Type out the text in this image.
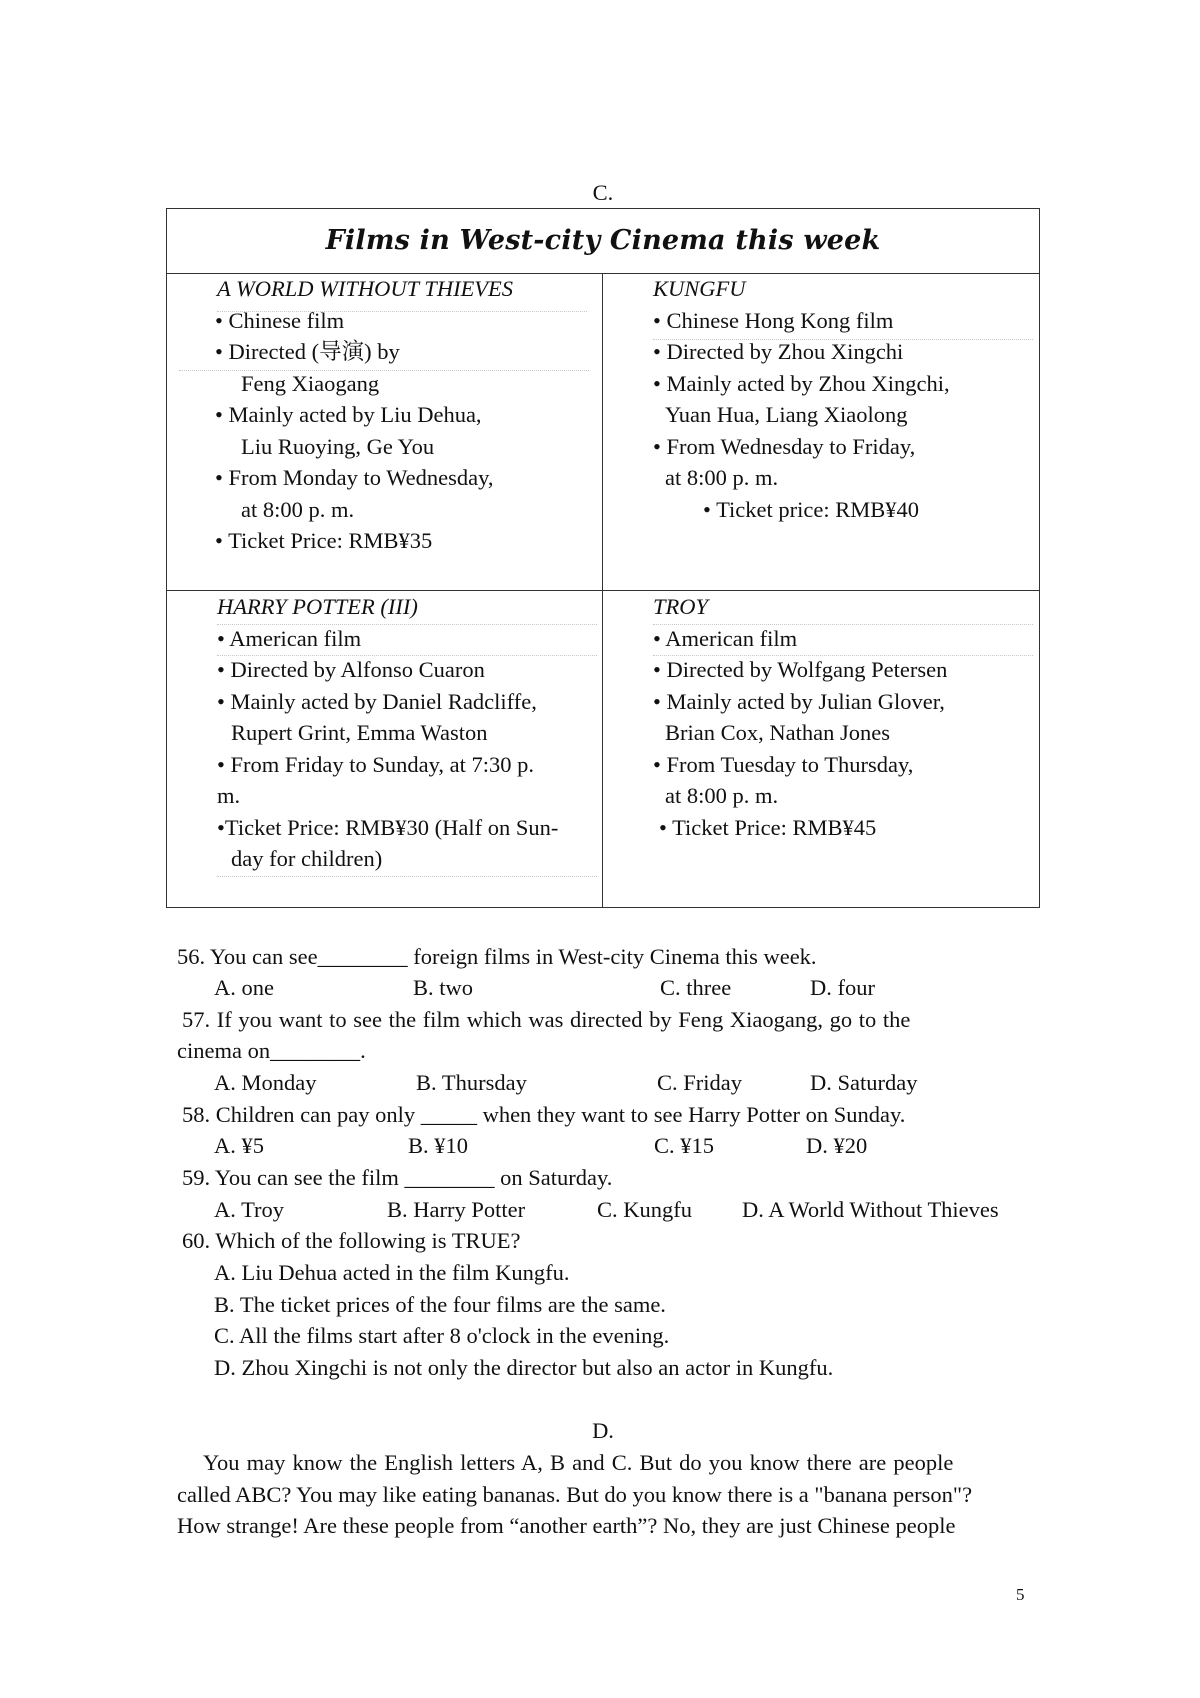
C.
Films in West-city Cinema this week
A WORLD WITHOUT THIEVES
• Chinese film
• Directed (导演) by
Feng Xiaogang
• Mainly acted by Liu Dehua,
Liu Ruoying, Ge You
• From Monday to Wednesday,
at 8:00 p. m.
• Ticket Price: RMB¥35
KUNGFU
• Chinese Hong Kong film
• Directed by Zhou Xingchi
• Mainly acted by Zhou Xingchi,
Yuan Hua, Liang Xiaolong
• From Wednesday to Friday,
at 8:00 p. m.
• Ticket price: RMB¥40
HARRY POTTER (III)
• American film
• Directed by Alfonso Cuaron
• Mainly acted by Daniel Radcliffe,
Rupert Grint, Emma Waston
• From Friday to Sunday, at 7:30 p.
m.
•Ticket Price: RMB¥30 (Half on Sun-
day for children)
TROY
• American film
• Directed by Wolfgang Petersen
• Mainly acted by Julian Glover,
Brian Cox, Nathan Jones
• From Tuesday to Thursday,
at 8:00 p. m.
• Ticket Price: RMB¥45
56. You can see________ foreign films in West-city Cinema this week.
A. one	B. two	C. three	D. four
57. If you want to see the film which was directed by Feng Xiaogang, go to the
cinema on________.
A. Monday	B. Thursday	C. Friday	D. Saturday
58. Children can pay only _____ when they want to see Harry Potter on Sunday.
A. ¥5	B. ¥10	C. ¥15	D. ¥20
59. You can see the film ________ on Saturday.
A. Troy	B. Harry Potter	C. Kungfu D. A World Without Thieves
60. Which of the following is TRUE?
A. Liu Dehua acted in the film Kungfu.
B. The ticket prices of the four films are the same.
C. All the films start after 8 o'clock in the evening.
D. Zhou Xingchi is not only the director but also an actor in Kungfu.
D.
You may know the English letters A, B and C. But do you know there are people
called ABC? You may like eating bananas. But do you know there is a "banana person"?
How strange! Are these people from “another earth”? No, they are just Chinese people
5
